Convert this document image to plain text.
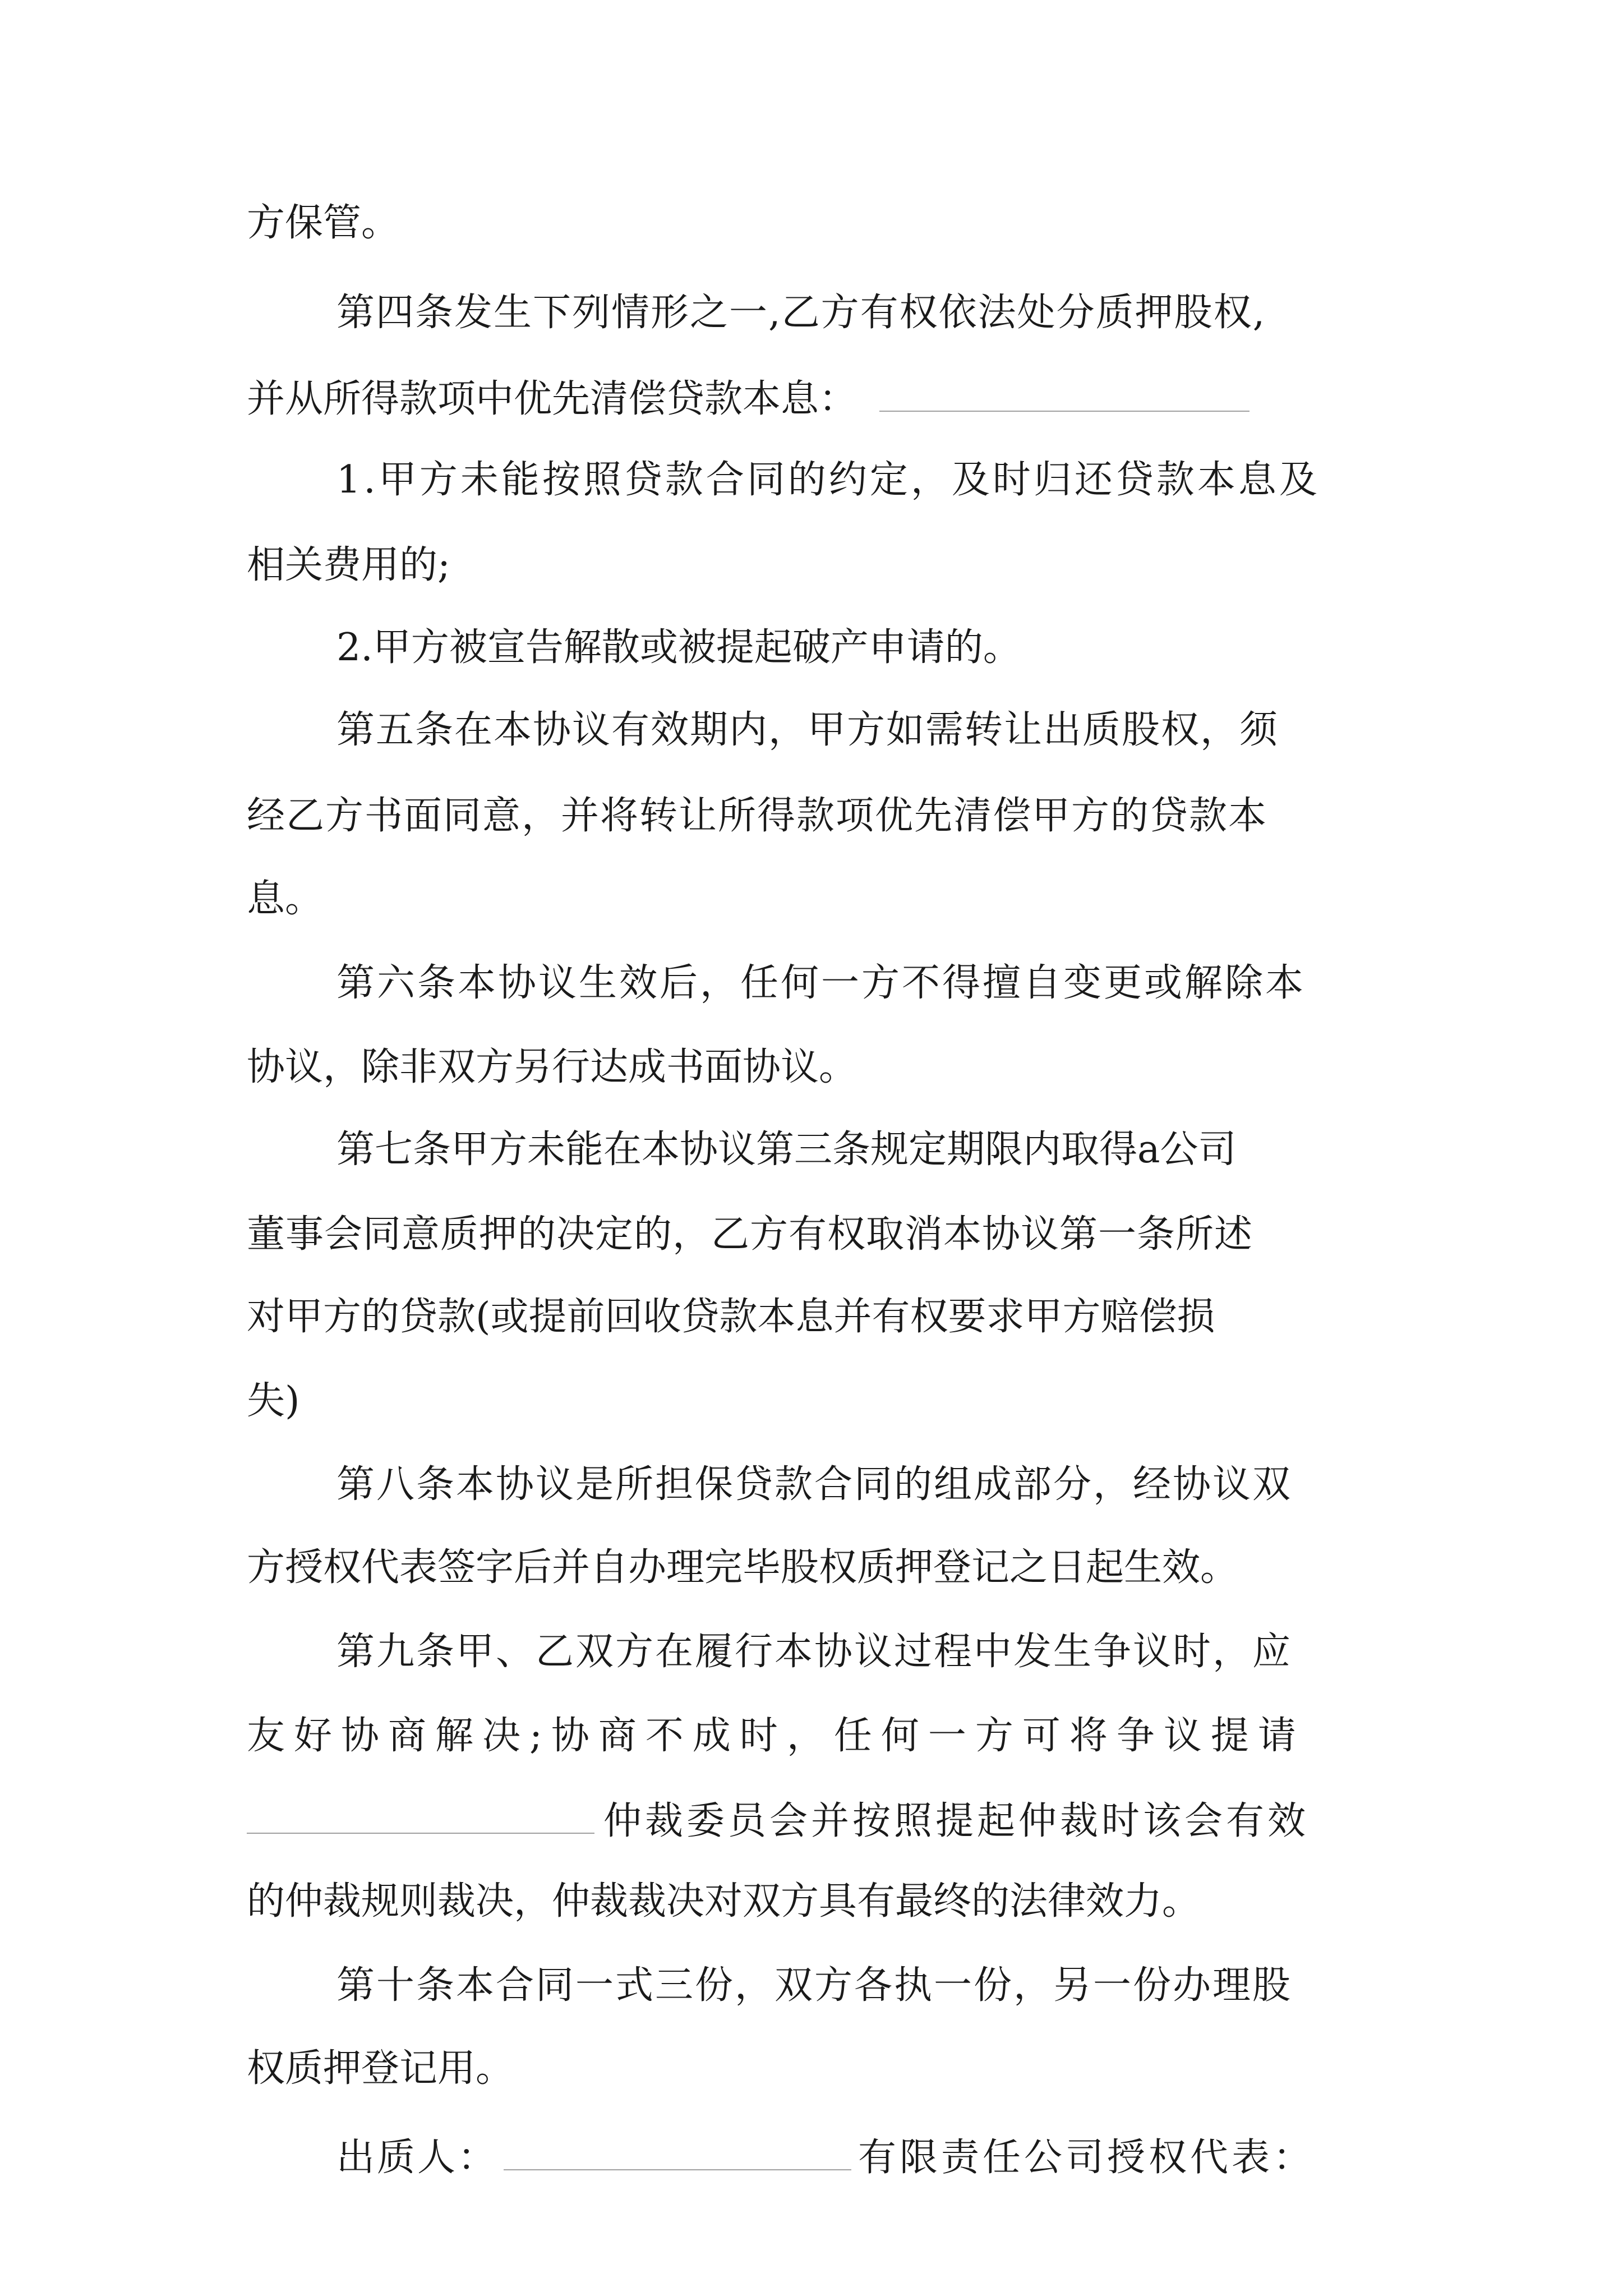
方保管。
第四条发生下列情形之一,乙方有权依法处分质押股权,
并从所得款项中优先清偿贷款本息：
1.甲方未能按照贷款合同的约定，及时归还贷款本息及
相关费用的;
2.甲方被宣告解散或被提起破产申请的。
第五条在本协议有效期内，甲方如需转让出质股权，须
经乙方书面同意，并将转让所得款项优先清偿甲方的贷款本
息。
第六条本协议生效后，任何一方不得擅自变更或解除本
协议，除非双方另行达成书面协议。
第七条甲方未能在本协议第三条规定期限内取得a公司
董事会同意质押的决定的，乙方有权取消本协议第一条所述
对甲方的贷款(或提前回收贷款本息并有权要求甲方赔偿损
失)
第八条本协议是所担保贷款合同的组成部分，经协议双
方授权代表签字后并自办理完毕股权质押登记之日起生效。
第九条甲、乙双方在履行本协议过程中发生争议时，应
友好协商解决;协商不成时，任何一方可将争议提请
仲裁委员会并按照提起仲裁时该会有效
的仲裁规则裁决，仲裁裁决对双方具有最终的法律效力。
第十条本合同一式三份，双方各执一份，另一份办理股
权质押登记用。
出质人：	有限责任公司授权代表：
